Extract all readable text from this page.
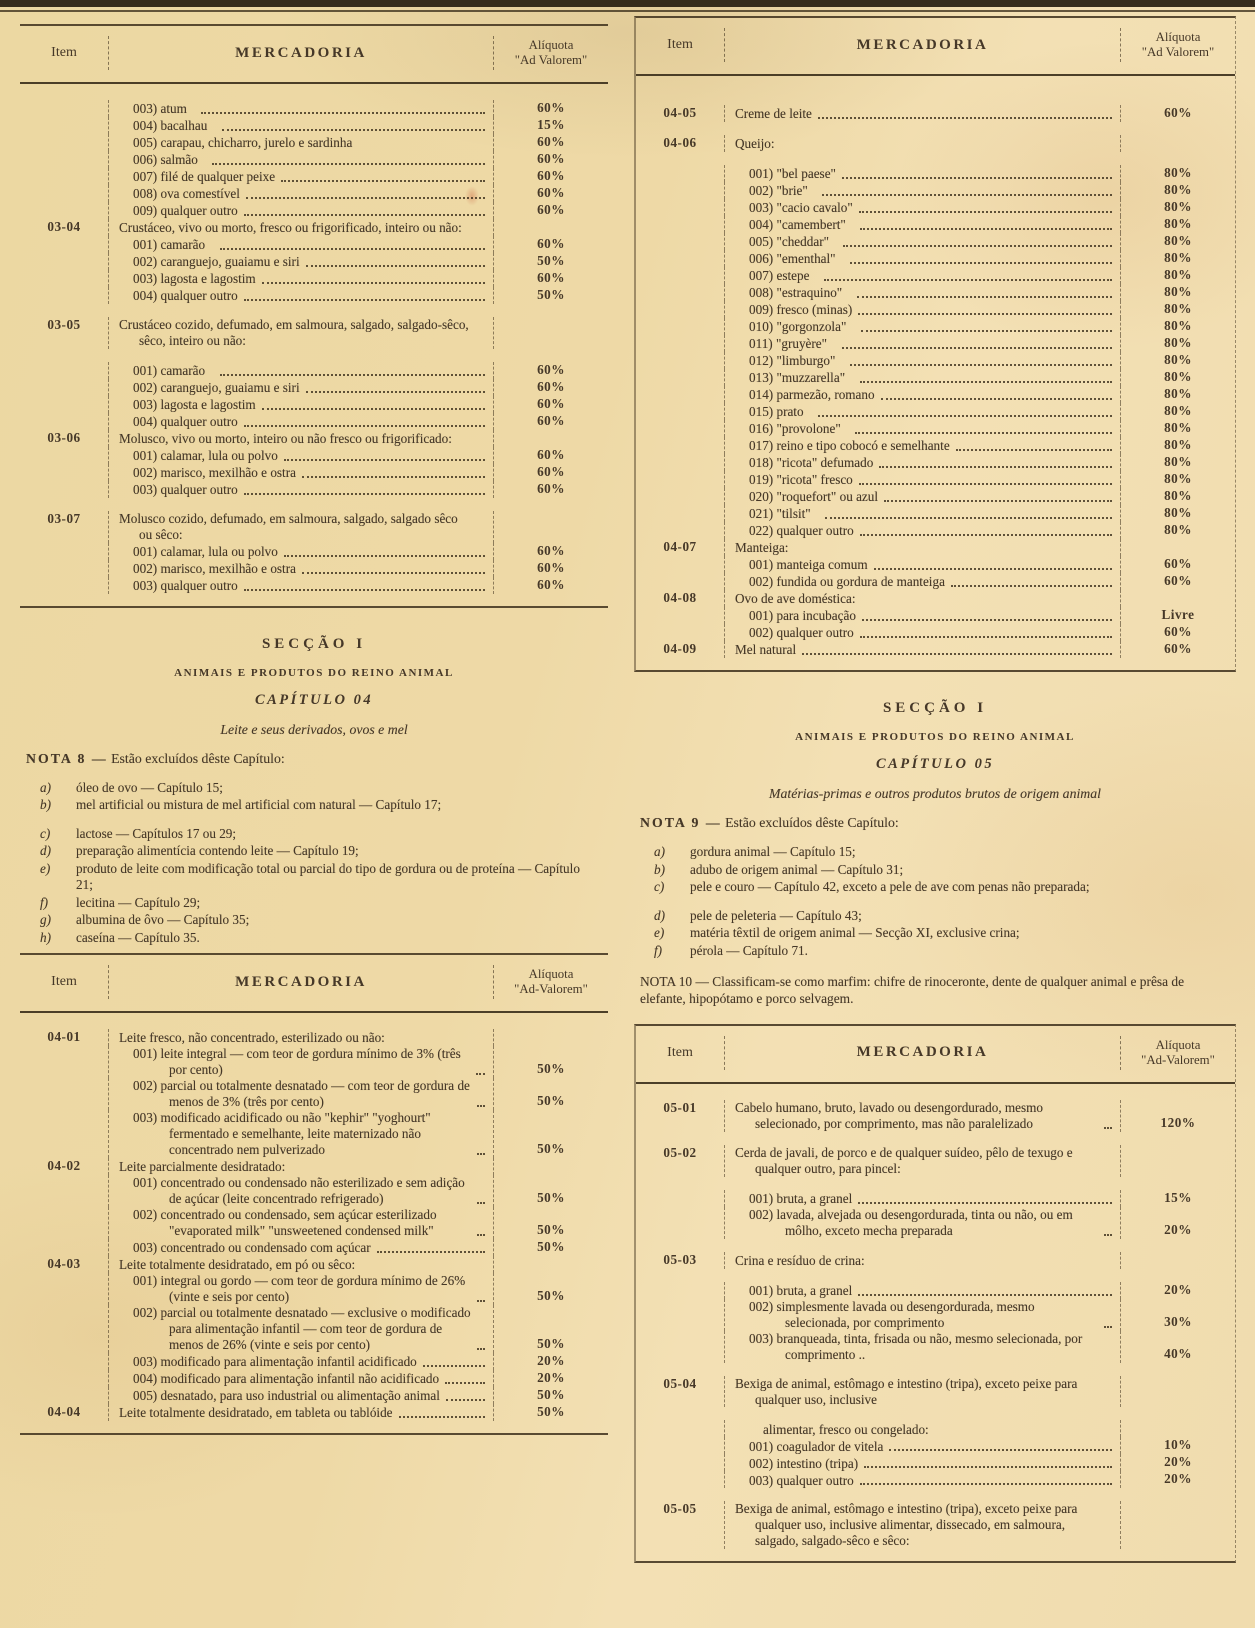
Item	MERCADORIA	Alíquota
"Ad Valorem"
003) atum	60%
004) bacalhau	15%
005) carapau, chicharro, jurelo e sardinha	60%
006) salmão	60%
007) filé de qualquer peixe	60%
008) ova comestível	60%
009) qualquer outro	60%
03-04	Crustáceo, vivo ou morto, fresco ou frigorificado, inteiro ou não:
001) camarão	60%
002) caranguejo, guaiamu e siri	50%
003) lagosta e lagostim	60%
004) qualquer outro	50%
03-05	Crustáceo cozido, defumado, em salmoura, salgado, salgado-sêco, sêco, inteiro ou não:
001) camarão	60%
002) caranguejo, guaiamu e siri	60%
003) lagosta e lagostim	60%
004) qualquer outro	60%
03-06	Molusco, vivo ou morto, inteiro ou não fresco ou frigorificado:
001) calamar, lula ou polvo	60%
002) marisco, mexilhão e ostra	60%
003) qualquer outro	60%
03-07	Molusco cozido, defumado, em salmoura, salgado, salgado sêco ou sêco:
001) calamar, lula ou polvo	60%
002) marisco, mexilhão e ostra	60%
003) qualquer outro	60%
SECÇÃO I
ANIMAIS E PRODUTOS DO REINO ANIMAL
CAPÍTULO 04
Leite e seus derivados, ovos e mel
NOTA 8 — Estão excluídos dêste Capítulo:
a)	óleo de ovo — Capítulo 15;
b)	mel artificial ou mistura de mel artificial com natural — Capítulo 17;
c)	lactose — Capítulos 17 ou 29;
d)	preparação alimentícia contendo leite — Capítulo 19;
e)	produto de leite com modificação total ou parcial do tipo de gordura ou de proteína — Capítulo 21;
f)	lecitina — Capítulo 29;
g)	albumina de ôvo — Capítulo 35;
h)	caseína — Capítulo 35.
Item	MERCADORIA	Alíquota
"Ad-Valorem"
04-01	Leite fresco, não concentrado, esterilizado ou não:
001) leite integral — com teor de gordura mínimo de 3% (três por cento)	50%
002) parcial ou totalmente desnatado — com teor de gordura de menos de 3% (três por cento)	50%
003) modificado acidificado ou não "kephir" "yoghourt" fermentado e semelhante, leite maternizado não concentrado nem pulverizado	50%
04-02	Leite parcialmente desidratado:
001) concentrado ou condensado não esterilizado e sem adição de açúcar (leite concentrado refrigerado)	50%
002) concentrado ou condensado, sem açúcar esterilizado "evaporated milk" "unsweetened condensed milk"	50%
003) concentrado ou condensado com açúcar	50%
04-03	Leite totalmente desidratado, em pó ou sêco:
001) integral ou gordo — com teor de gordura mínimo de 26% (vinte e seis por cento)	50%
002) parcial ou totalmente desnatado — exclusive o modificado para alimentação infantil — com teor de gordura de menos de 26% (vinte e seis por cento)	50%
003) modificado para alimentação infantil acidificado	20%
004) modificado para alimentação infantil não acidificado	20%
005) desnatado, para uso industrial ou alimentação animal	50%
04-04	Leite totalmente desidratado, em tableta ou tablóide	50%
Item	MERCADORIA	Alíquota
"Ad Valorem"
04-05	Creme de leite	60%
04-06	Queijo:
001) "bel paese"	80%
002) "brie"	80%
003) "cacio cavalo"	80%
004) "camembert"	80%
005) "cheddar"	80%
006) "ementhal"	80%
007) estepe	80%
008) "estraquino"	80%
009) fresco (minas)	80%
010) "gorgonzola"	80%
011) "gruyère"	80%
012) "limburgo"	80%
013) "muzzarella"	80%
014) parmezão, romano	80%
015) prato	80%
016) "provolone"	80%
017) reino e tipo cobocó e semelhante	80%
018) "ricota" defumado	80%
019) "ricota" fresco	80%
020) "roquefort" ou azul	80%
021) "tilsit"	80%
022) qualquer outro	80%
04-07	Manteiga:
001) manteiga comum	60%
002) fundida ou gordura de manteiga	60%
04-08	Ovo de ave doméstica:
001) para incubação	Livre
002) qualquer outro	60%
04-09	Mel natural	60%
SECÇÃO I
ANIMAIS E PRODUTOS DO REINO ANIMAL
CAPÍTULO 05
Matérias-primas e outros produtos brutos de origem animal
NOTA 9 — Estão excluídos dêste Capítulo:
a)	gordura animal — Capítulo 15;
b)	adubo de origem animal — Capítulo 31;
c)	pele e couro — Capítulo 42, exceto a pele de ave com penas não preparada;
d)	pele de peleteria — Capítulo 43;
e)	matéria têxtil de origem animal — Secção XI, exclusive crina;
f)	pérola — Capítulo 71.
NOTA 10 — Classificam-se como marfim: chifre de rinoceronte, dente de qualquer animal e prêsa de elefante, hipopótamo e porco selvagem.
Item	MERCADORIA	Alíquota
"Ad-Valorem"
05-01	Cabelo humano, bruto, lavado ou desengordurado, mesmo selecionado, por comprimento, mas não paralelizado	120%
05-02	Cerda de javali, de porco e de qualquer suídeo, pêlo de texugo e qualquer outro, para pincel:
001) bruta, a granel	15%
002) lavada, alvejada ou desengordurada, tinta ou não, ou em môlho, exceto mecha preparada	20%
05-03	Crina e resíduo de crina:
001) bruta, a granel	20%
002) simplesmente lavada ou desengordurada, mesmo selecionada, por comprimento	30%
003) branqueada, tinta, frisada ou não, mesmo selecionada, por comprimento ..	40%
05-04	Bexiga de animal, estômago e intestino (tripa), exceto peixe para qualquer uso, inclusive
alimentar, fresco ou congelado:
001) coagulador de vitela	10%
002) intestino (tripa)	20%
003) qualquer outro	20%
05-05	Bexiga de animal, estômago e intestino (tripa), exceto peixe para qualquer uso, inclusive alimentar, dissecado, em salmoura, salgado, salgado-sêco e sêco:
